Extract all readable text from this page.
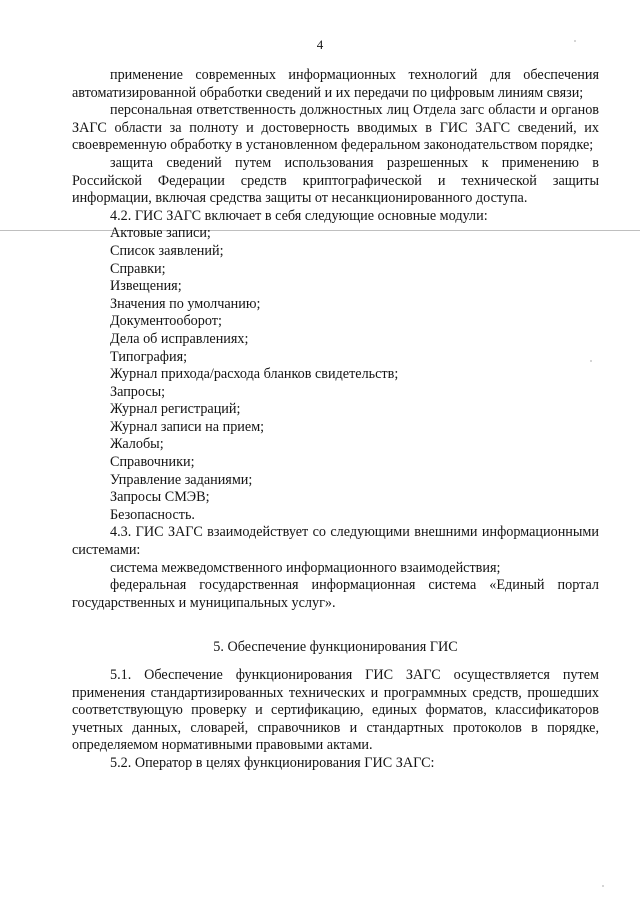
4

применение современных информационных технологий для обеспечения автоматизированной обработки сведений и их передачи по цифровым линиям связи;

персональная ответственность должностных лиц Отдела загс области и органов ЗАГС области за полноту и достоверность вводимых в ГИС ЗАГС сведений, их своевременную обработку в установленном федеральном законодательством порядке;

защита сведений путем использования разрешенных к применению в Российской Федерации средств криптографической и технической защиты информации, включая средства защиты от несанкционированного доступа.

4.2. ГИС ЗАГС включает в себя следующие основные модули:

Актовые записи;

Список заявлений;

Справки;

Извещения;

Значения по умолчанию;

Документооборот;

Дела об исправлениях;

Типография;

Журнал прихода/расхода бланков свидетельств;

Запросы;

Журнал регистраций;

Журнал записи на прием;

Жалобы;

Справочники;

Управление заданиями;

Запросы СМЭВ;

Безопасность.

4.3. ГИС ЗАГС взаимодействует со следующими внешними информационными системами:

система межведомственного информационного взаимодействия;

федеральная государственная информационная система «Единый портал государственных и муниципальных услуг».

5. Обеспечение функционирования ГИС

5.1. Обеспечение функционирования ГИС ЗАГС осуществляется путем применения стандартизированных технических и программных средств, прошедших соответствующую проверку и сертификацию, единых форматов, классификаторов учетных данных, словарей, справочников и стандартных протоколов в порядке, определяемом нормативными правовыми актами.

5.2. Оператор в целях функционирования ГИС ЗАГС:
